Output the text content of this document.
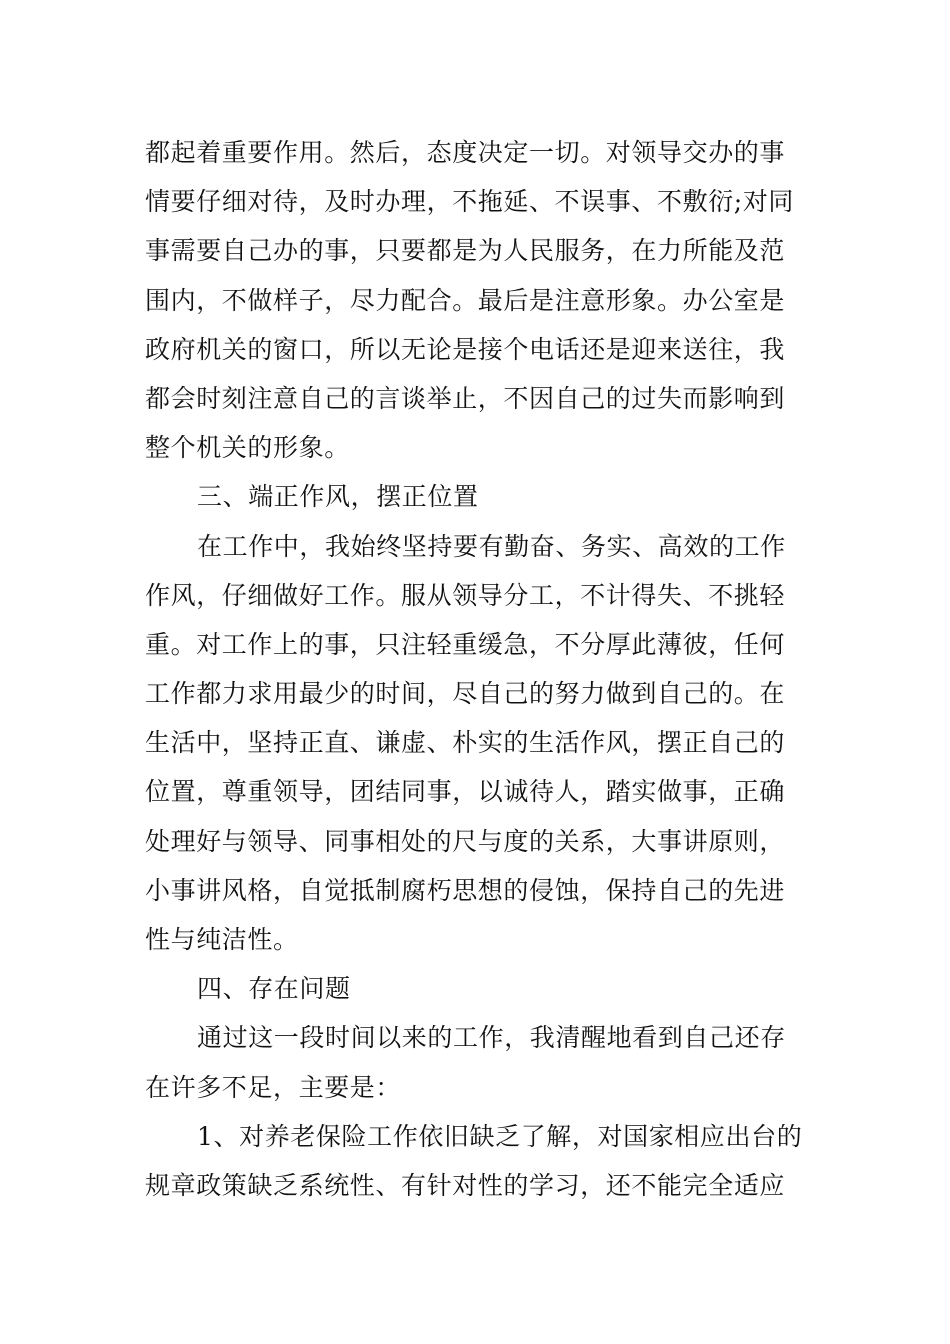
都起着重要作用。然后，态度决定一切。对领导交办的事
情要仔细对待，及时办理，不拖延、不误事、不敷衍;对同
事需要自己办的事，只要都是为人民服务，在力所能及范
围内，不做样子，尽力配合。最后是注意形象。办公室是
政府机关的窗口，所以无论是接个电话还是迎来送往，我
都会时刻注意自己的言谈举止，不因自己的过失而影响到
整个机关的形象。
三、端正作风，摆正位置
在工作中，我始终坚持要有勤奋、务实、高效的工作
作风，仔细做好工作。服从领导分工，不计得失、不挑轻
重。对工作上的事，只注轻重缓急，不分厚此薄彼，任何
工作都力求用最少的时间，尽自己的努力做到自己的。在
生活中，坚持正直、谦虚、朴实的生活作风，摆正自己的
位置，尊重领导，团结同事，以诚待人，踏实做事，正确
处理好与领导、同事相处的尺与度的关系，大事讲原则，
小事讲风格，自觉抵制腐朽思想的侵蚀，保持自己的先进
性与纯洁性。
四、存在问题
通过这一段时间以来的工作，我清醒地看到自己还存
在许多不足，主要是：
1、对养老保险工作依旧缺乏了解，对国家相应出台的
规章政策缺乏系统性、有针对性的学习，还不能完全适应
